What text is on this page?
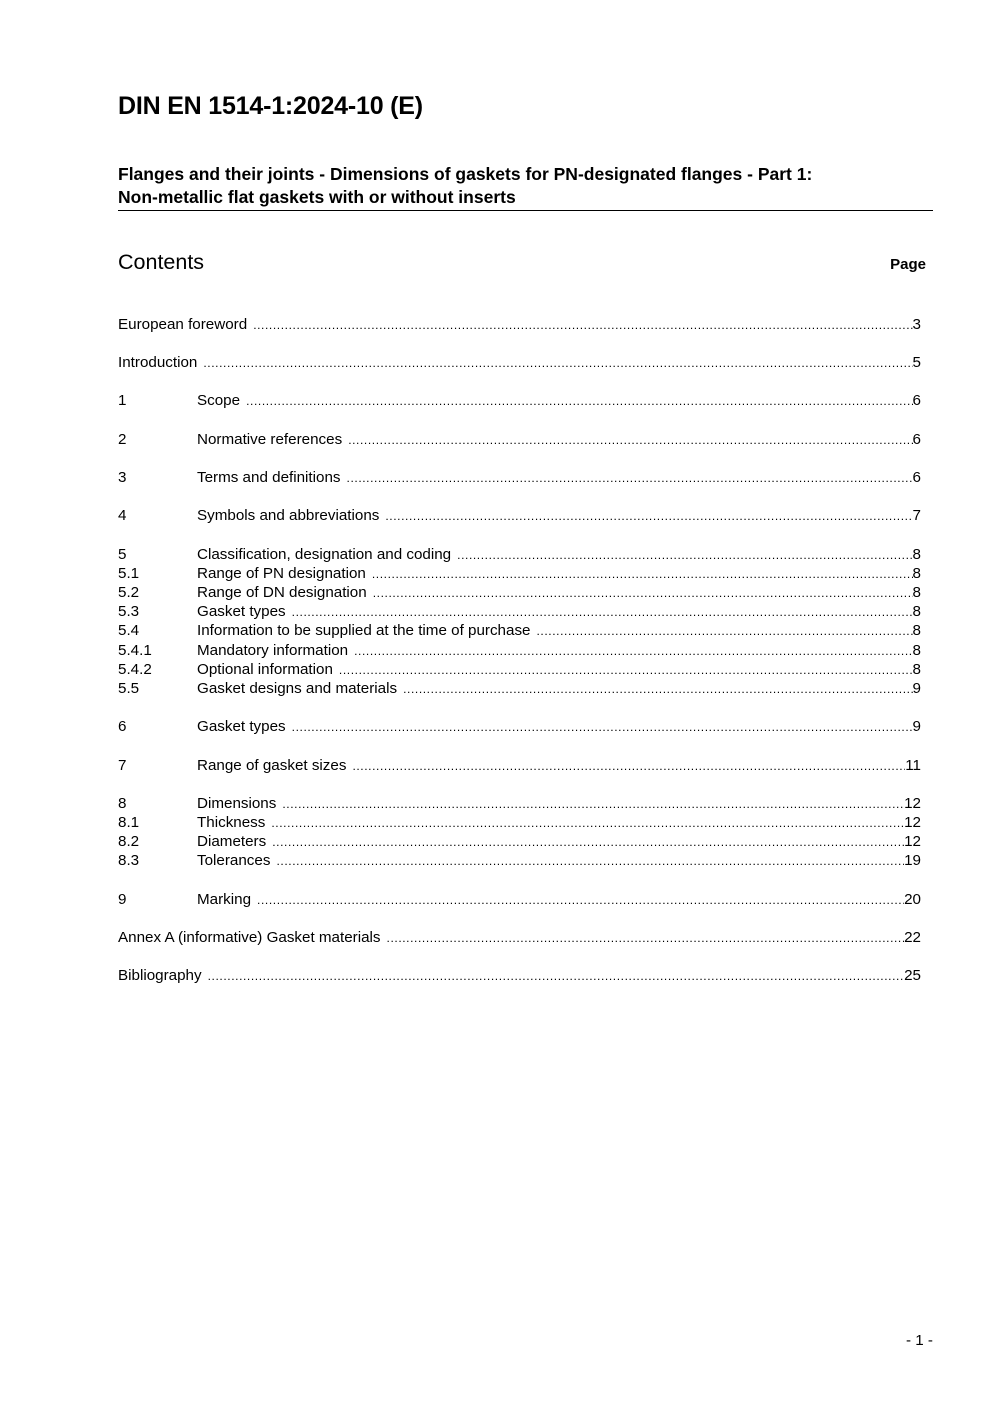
DIN EN 1514-1:2024-10 (E)
Flanges and their joints - Dimensions of gaskets for PN-designated flanges - Part 1:
Non-metallic flat gaskets with or without inserts
Contents	Page
European foreword .....	3
Introduction .....	5
1	Scope .....	6
2	Normative references .....	6
3	Terms and definitions .....	6
4	Symbols and abbreviations .....	7
5	Classification, designation and coding .....	8
5.1	Range of PN designation .....	8
5.2	Range of DN designation .....	8
5.3	Gasket types .....	8
5.4	Information to be supplied at the time of purchase .....	8
5.4.1	Mandatory information .....	8
5.4.2	Optional information .....	8
5.5	Gasket designs and materials .....	9
6	Gasket types .....	9
7	Range of gasket sizes .....	11
8	Dimensions .....	12
8.1	Thickness .....	12
8.2	Diameters .....	12
8.3	Tolerances .....	19
9	Marking .....	20
Annex A (informative) Gasket materials .....	22
Bibliography .....	25
- 1 -
